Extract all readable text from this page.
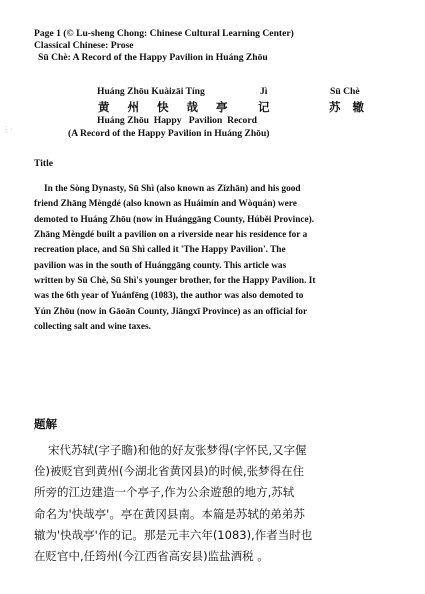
Page 1 (© Lu-sheng Chong: Chinese Cultural Learning Center)
Classical Chinese: Prose
Sū Chè: A Record of the Happy Pavilion in Huáng Zhōu
Huáng Zhōu Kuàizāi Tíng	Jì	Sū Chè
黄 州 快 哉 亭 记	苏 辙
Huáng Zhōu  Happy   Pavilion  Record
(A Record of the Happy Pavilion in Huáng Zhōu)
⋮·
Title

In the Sòng Dynasty, Sū Shì (also known as Zǐzhān) and his good

friend Zhāng Mèngdé (also known as Huáimín and Wòquán) were

demoted to Huáng Zhōu (now in Huánggāng County, Húběi Province).

Zhāng Mèngdé built a pavilion on a riverside near his residence for a

recreation place, and Sū Shì called it 'The Happy Pavilion'. The

pavilion was in the south of Huánggāng county. This article was

written by Sū Chè, Sū Shì's younger brother, for the Happy Pavilion. It

was the 6th year of Yuánfēng (1083), the author was also demoted to

Yún Zhōu (now in Gāoān County, Jiāngxī Province) as an official for

collecting salt and wine taxes.

题解

宋代苏轼(字子瞻)和他的好友张梦得(字怀民,又字偓

佺)被贬官到黄州(今湖北省黄冈县)的时候,张梦得在住

所旁的江边建造一个亭子,作为公余遊憩的地方,苏轼

命名为'快哉亭'。亭在黄冈县南。本篇是苏轼的弟弟苏

辙为'快哉亭'作的记。那是元丰六年(1083),作者当时也

在贬官中,任筠州(今江西省高安县)监盐酒税 。
